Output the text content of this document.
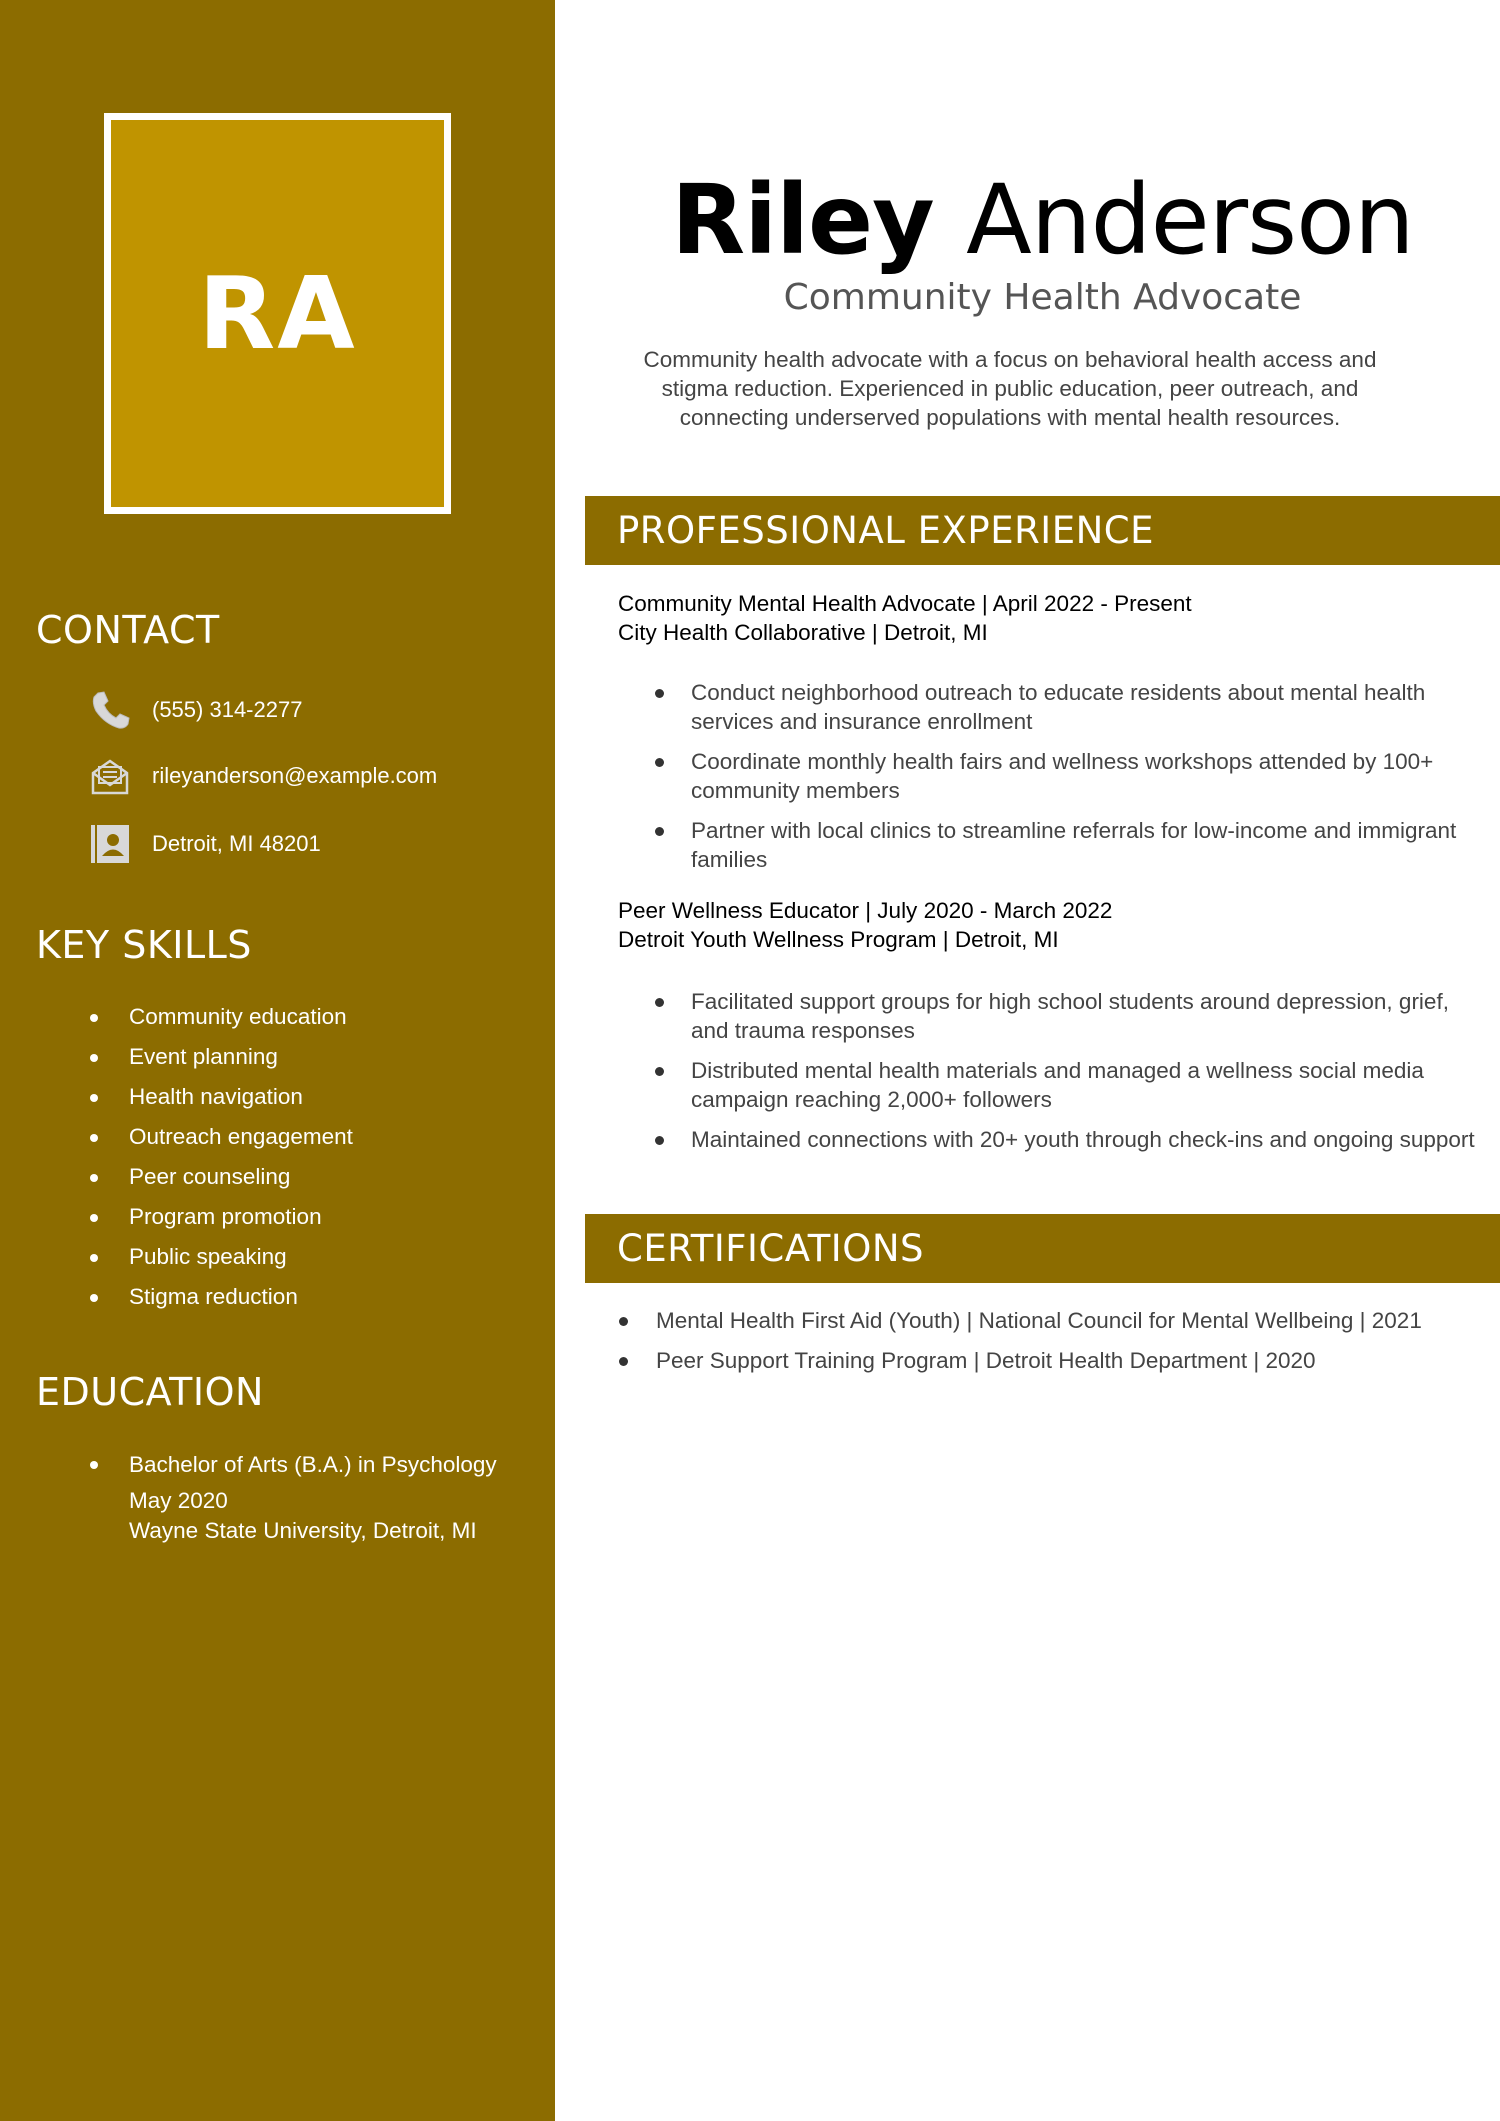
RA
CONTACT
(555) 314-2277
rileyanderson@example.com
Detroit, MI 48201
KEY SKILLS
Community education
Event planning
Health navigation
Outreach engagement
Peer counseling
Program promotion
Public speaking
Stigma reduction
EDUCATION
Bachelor of Arts (B.A.) in Psychology
May 2020
Wayne State University, Detroit, MI
Riley Anderson
Community Health Advocate

Community health advocate with a focus on behavioral health access and stigma reduction. Experienced in public education, peer outreach, and connecting underserved populations with mental health resources.

PROFESSIONAL EXPERIENCE
Community Mental Health Advocate | April 2022 - Present
City Health Collaborative | Detroit, MI
Conduct neighborhood outreach to educate residents about mental health services and insurance enrollment
Coordinate monthly health fairs and wellness workshops attended by 100+ community members
Partner with local clinics to streamline referrals for low-income and immigrant families
Peer Wellness Educator | July 2020 - March 2022
Detroit Youth Wellness Program | Detroit, MI
Facilitated support groups for high school students around depression, grief, and trauma responses
Distributed mental health materials and managed a wellness social media campaign reaching 2,000+ followers
Maintained connections with 20+ youth through check-ins and ongoing support
CERTIFICATIONS
Mental Health First Aid (Youth) | National Council for Mental Wellbeing | 2021
Peer Support Training Program | Detroit Health Department | 2020
